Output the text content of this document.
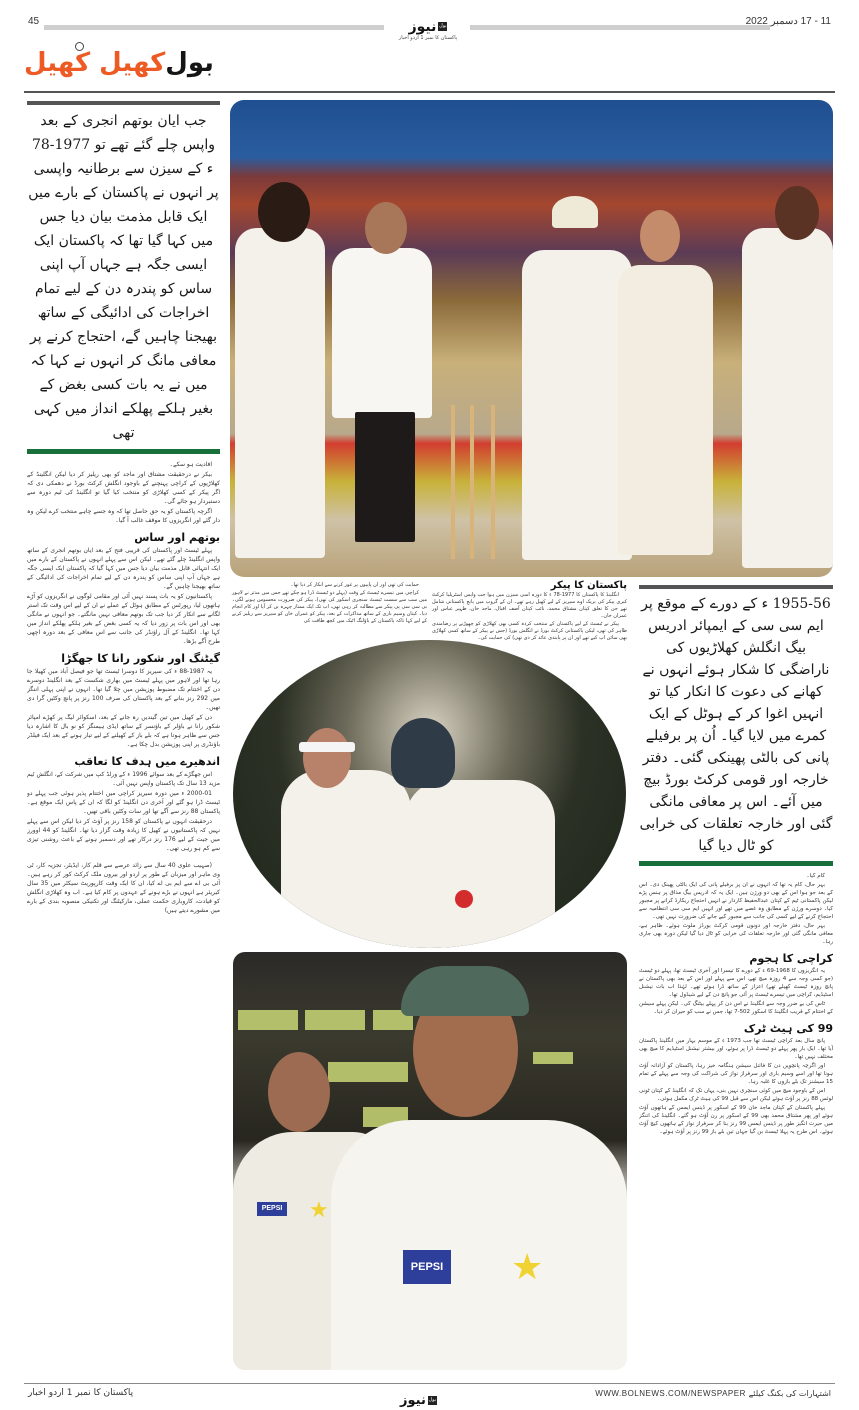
45	بول
نیوز
پاکستان کا نمبر 1 اردو اخبار
11 - 17 دسمبر 2022
بول
کھیل کھیل
جب ایان بوتھم انجری کے بعد واپس چلے گئے تھے تو 1977-78 ء کے سیزن سے برطانیہ واپسی پر انہوں نے پاکستان کے بارے میں ایک قابل مذمت بیان دیا جس میں کہا گیا تھا کہ پاکستان ایک ایسی جگہ ہے جہاں آپ اپنی ساس کو پندرہ دن کے لیے تمام اخراجات کی ادائیگی کے ساتھ بھیجنا چاہیں گے، احتجاج کرنے پر معافی مانگ کر انہوں نے کہا کہ میں نے یہ بات کسی بغض کے بغیر ہلکے پھلکے انداز میں کہی تھی

افادیت ہو سکے۔

بیکر نے درحقیقت مشتاق اور ماجد کو بھی ریلیز کر دیا لیکن انگلینڈ کے کھلاڑیوں کے کراچی پہنچنے کے باوجود انگلش کرکٹ بورڈ نے دھمکی دی کہ اگر پیکر کے کسی کھلاڑی کو منتخب کیا گیا تو انگلینڈ کی ٹیم دورہ سے دستبردار ہو جائے گی۔

اگرچہ پاکستان کو یہ حق حاصل تھا کہ وہ جسے چاہے منتخب کرے لیکن وہ دار گئے اور انگریزوں کا موقف غالب آ گیا۔

بوتھم اور ساس

پہلے ٹیسٹ اور پاکستان کی قریبی فتح کے بعد ایان بوتھم انجری کے ساتھ واپس انگلینڈ چلے گئے تھے۔ لیکن اس سے پہلے انہوں نے پاکستان کے بارے میں ایک انتہائی قابل مذمت بیان دیا جس میں کہا گیا کہ پاکستان ایک ایسی جگہ ہے جہاں آپ اپنی ساس کو پندرہ دن کے لیے تمام اخراجات کی ادائیگی کے ساتھ بھیجنا چاہیں گے۔

پاکستانیوں کو یہ بات پسند نہیں آئی اور مقامی لوگوں نے انگریزوں کو آڑے ہاتھوں لیا، رپورٹس کے مطابق ہوٹل کے عملے نے ان کے لیے اس وقت تک استر لگانے سے انکار کر دیا جب تک بوتھم معافی نہیں مانگتے۔ جو انہوں نے مانگی بھی اور اس بات پر زور دیا کہ یہ کسی بغض کے بغیر ہلکے پھلکے انداز میں کہا تھا۔ انگلینڈ کے آل راؤنڈر کی جانب سے اس معافی کے بعد دورہ اچھی طرح آگے بڑھا۔

گیٹنگ اور شکور رانا کا جھگڑا

یہ 1987-88 ء کی سیریز کا دوسرا ٹیسٹ تھا جو فیصل آباد میں کھیلا جا رہا تھا اور لاہور میں پہلے ٹیسٹ میں بھاری شکست کے بعد انگلینڈ دوسرے دن کے اختتام تک مضبوط پوزیشن میں چلا گیا تھا۔ انہوں نے اپنی پہلی اننگز میں 292 رنز بنانے کے بعد پاکستان کی صرف 100 رنز پر پانچ وکٹیں گرا دی تھیں۔

دن کے کھیل میں تین گیندیں رہ جانے کے بعد، اسکوائر لیگ پر کھڑے امپائر شکور رانا نے باؤلر کے باؤنسر کے ساتھ ایڈی ہیمنگز کو نو بال کا اشارہ دیا جس سے ظاہر ہوتا ہے کہ بلے باز کے کھیلنے کے لیے تیار ہونے کے بعد ایک فیلڈر باؤنڈری پر اپنی پوزیشن بدل چکا ہے۔

اندھیرے میں ہدف کا تعاقب

اس جھگڑے کے بعد سوائے 1996 ء کے ورلڈ کپ میں شرکت کے، انگلش ٹیم مزید 13 سال تک پاکستان واپس نہیں آئی۔

2000-01 ء میں دورہ سیریز کراچی میں اختتام پذیر ہوئی جب پہلے دو ٹیسٹ ڈرا ہو گئے اور آخری دن انگلینڈ کو لگا کہ ان کے پاس ایک موقع ہے۔ پاکستان 88 رنز سے آگے تھا اور سات وکٹیں باقی تھیں۔

درحقیقت انہوں نے پاکستان کو 158 رنز پر آؤٹ کر دیا لیکن اس سے پہلے نہیں کہ پاکستانیوں نے کھیل کا زیادہ وقت گزار دیا تھا۔ انگلینڈ کو 44 اوورز میں جیت کے لیے 176 رنز درکار تھے اور دسمبر ہونے کے باعث روشنی تیزی سے کم ہو رہی تھی۔

(صہیب علوی 40 سال سے زائد عرصے سے قلم کار، ایڈیٹر، تجزیہ کار، ٹی وی ماہر اور میزبان کے طور پر اردو اور بیرون ملک کرکٹ کور کر رہے ہیں۔ آئی بی اے سے ایم بی اے کیا، ان کا ایک وقت کارپوریٹ سیکٹر میں 35 سال کیریئر ہے انہوں نے بڑے ہونے کے عہدوں پر کام کیا ہے۔ اب وہ کھلاڑی انگلش کو قیادت، کاروباری حکمت عملی، مارکیٹنگ اور تکنیکی منصوبہ بندی کے بارے میں مشورے دیتے ہیں)

پاکستان کا پیکر

انگلینڈ کا پاکستان کا 1977-78 ء کا دورہ اسی سیزن میں ہوا جب واپس اسٹریلیا کرکٹ کیری پیکر کی بریک اوے سیریز کے لیے کھیل رہے تھے۔ ان کے گروپ میں پانچ پاکستانی شامل تھے جن کا تعلق کپتان مشتاق محمد، نائب کپتان آصف اقبال، ماجد خان، ظہیر عباس اور عمران خان۔

پیکر نے ٹیسٹ کے لیے پاکستان کے منتخب کردہ کسی بھی کھلاڑی کو چھوڑنے پر رضامندی ظاہر کی تھی، لیکن پاکستانی کرکٹ بورڈ نے انگلش بورڈ (جس نے پیکر کے ساتھ کسی کھلاڑی بھی سائن اپ کیے تھے اور ان پر پابندی عائد کر دی تھی) کی حمایت کی۔

حمایت کی تھی اور ان پاپیوں پر غور کرنے سے انکار کر دیا تھا۔

کراچی میں تیسرے ٹیسٹ کے وقت (پہلے دو ٹیسٹ ڈرا ہو چکے تھے جس میں مدثر نے لاہور میں سب سے سست ٹیسٹ سنچری اسکور کی تھی)، پیکر کی ضرورت محسوس ہونے لگی۔ بی سی سی پی پیکر سے مطالبہ کر رہی تھی، اب تک ایک ممتاز چہرہ بن کر آیا اور کام انجام دیا۔ کپتان وسیم باری کے ساتھ مذاکرات کے بعد، پیکر کو عمران خان کو سیریز سے ریلیز کرنے کے لیے کہا تاکہ پاکستان کے باؤلنگ اٹیک میں کچھ طاقت کی

PEPSI
PEPSI
★
★
1955-56 ء کے دورے کے موقع پر ایم سی سی کے ایمپائر ادریس بیگ انگلش کھلاڑیوں کی ناراضگی کا شکار ہوئے انہوں نے کھانے کی دعوت کا انکار کیا تو انہیں اغوا کر کے ہوٹل کے ایک کمرے میں لایا گیا۔ اُن پر برفیلے پانی کی بالٹی پھینکی گئی۔ دفتر خارجہ اور قومی کرکٹ بورڈ بیچ میں آئے۔ اس پر معافی مانگی گئی اور خارجہ تعلقات کی خرابی کو ٹال دیا گیا

کام کیا۔

بہر حال، کام یہ تھا کہ انہوں نے ان پر برفیلے پانی کی ایک بالٹی پھینک دی۔ اس کے بعد جو ہوا اس کے بھی دو ورژن ہیں۔ ایک یہ کہ ادریس بیگ مذاق پر ہنس پڑے لیکن پاکستانی ٹیم کے کپتان عبدالحفیظ کاردار نے انہیں احتجاج ریکارڈ کرانے پر مجبور کیا۔ دوسرے ورژن کے مطابق وہ غصے میں تھے اور انہیں ایم سی سی انتظامیہ سے احتجاج کرنے کے لیے کسی کی جانب سے مجبور کیے جانے کی ضرورت نہیں تھی۔

بہر حال، دفتر خارجہ اور دونوں قومی کرکٹ بورڈز ملوث ہوئے۔ ظاہر ہے، معافی مانگی گئی اور خارجہ تعلقات کی خرابی کو ٹال دیا گیا لیکن دورہ بھی جاری رہا۔

کراچی کا ہجوم

یہ انگریزوں کا 1968-69 ء کے دورے کا تیسرا اور آخری ٹیسٹ تھا، پہلے دو ٹیسٹ (جو کسی وجہ سے 4 روزہ میچ تھے، اس سے پہلے اور اس کے بعد بھی پاکستان نے پانچ روزہ ٹیسٹ کھیلے تھے) اعزاز کے ساتھ ڈرا ہوئے تھے۔ لہٰذا اب بات نیشنل اسٹیڈیم، کراچی میں تیسرے ٹیسٹ پر آئی جو پانچ دن کے لیے شیڈول تھا۔

ٹاس کی بے ضرر وجہ سے انگلینڈ نے اس دن کر پہلے بیٹنگ کی۔ لیکن پہلے سیشن کے اختتام کے قریب انگلینڈ کا اسکور 502-7 تھا، جس نے سب کو حیران کر دیا۔

99 کی ہیٹ ٹرک

پانچ سال بعد کراچی ٹیسٹ تھا جب 1973 ء کے موسم بہار میں انگلینڈ پاکستان آیا تھا۔ ایک بار پھر پہلے دو ٹیسٹ ڈرا پر ہوئے، اور بیشتر نیشنل اسٹیڈیم کا میچ بھی مختلف نہیں تھا۔

اور اگرچہ پانچویں دن کا فائنل سیشن ہنگامہ خیز رہا، پاکستان کو آزادانہ آؤٹ ہونا تھا اور اسے وسیم باری اور سرفراز نواز کی شراکت کی وجہ سے پہلے کے تمام 15 سیشنز تک بلے بازوں کا غلبہ رہا۔

اس کے باوجود میچ میں کوئی سنچری نہیں بنی، یہاں تک کہ انگلینڈ کے کپتان ٹونی لوئس 88 رنز پر آؤٹ ہوئے لیکن اس سے قبل 99 کی ہیٹ ٹرک مکمل ہوئی۔

پہلے پاکستان کے کپتان ماجد خان 99 کے اسکور پر ڈینس ایمس کے ہاتھوں آؤٹ ہوئے اور پھر مشتاق محمد بھی 99 کے اسکور پر رن آؤٹ ہو گئے۔ انگلینڈ کی اننگز میں حیرت انگیز طور پر ڈینس ایمس 99 رنز بنا کر سرفراز نواز کے ہاتھوں کیچ آؤٹ ہوئے۔ اس طرح یہ پہلا ٹیسٹ بن گیا جہاں تین بلے باز 99 رنز پر آؤٹ ہوئے۔

پاکستان کا نمبر 1 اردو اخبار
بول
نیوز	WWW.BOLNEWS.COM/NEWSPAPER اشتہارات کی بکنگ کیلئے
